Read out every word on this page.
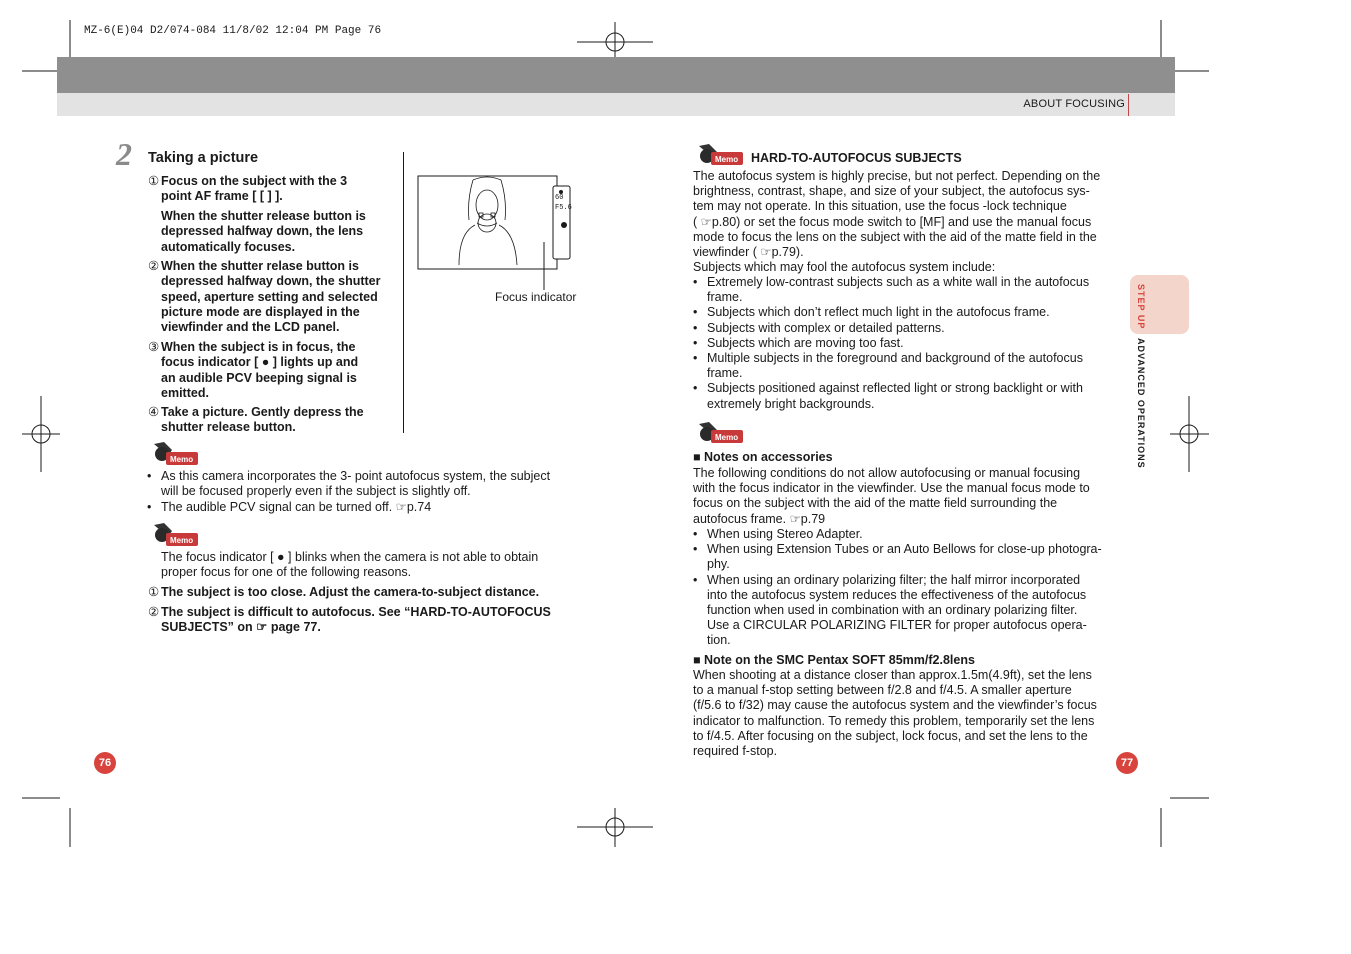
MZ-6(E)04 D2/074-084 11/8/02 12:04 PM Page 76
ABOUT FOCUSING
2 Taking a picture
① Focus on the subject with the 3
point AF frame [ [ ] ].
When the shutter release button is
depressed halfway down, the lens
automatically focuses.
② When the shutter relase button is
depressed halfway down, the shutter
speed, aperture setting and selected
picture mode are displayed in the
viewfinder and the LCD panel.
③ When the subject is in focus, the
focus indicator [ ● ] lights up and
an audible PCV beeping signal is
emitted.
④ Take a picture. Gently depress the
shutter release button.
60
F5.6
Focus indicator
Memo
• As this camera incorporates the 3- point autofocus system, the subject
will be focused properly even if the subject is slightly off.
• The audible PCV signal can be turned off. ☞p.74
Memo
The focus indicator [ ● ] blinks when the camera is not able to obtain
proper focus for one of the following reasons.
① The subject is too close. Adjust the camera-to-subject distance.
② The subject is difficult to autofocus. See “HARD-TO-AUTOFOCUS
SUBJECTS” on ☞ page 77.
76
Memo HARD-TO-AUTOFOCUS SUBJECTS
The autofocus system is highly precise, but not perfect. Depending on the
brightness, contrast, shape, and size of your subject, the autofocus sys-
tem may not operate. In this situation, use the focus -lock technique
( ☞p.80) or set the focus mode switch to [MF] and use the manual focus
mode to focus the lens on the subject with the aid of the matte field in the
viewfinder ( ☞p.79).
Subjects which may fool the autofocus system include:
• Extremely low-contrast subjects such as a white wall in the autofocus
frame.
• Subjects which don’t reflect much light in the autofocus frame.
• Subjects with complex or detailed patterns.
• Subjects which are moving too fast.
• Multiple subjects in the foreground and background of the autofocus
frame.
• Subjects positioned against reflected light or strong backlight or with
extremely bright backgrounds.
Memo
■ Notes on accessories
The following conditions do not allow autofocusing or manual focusing
with the focus indicator in the viewfinder. Use the manual focus mode to
focus on the subject with the aid of the matte field surrounding the
autofocus frame. ☞p.79
• When using Stereo Adapter.
• When using Extension Tubes or an Auto Bellows for close-up photogra-
phy.
• When using an ordinary polarizing filter; the half mirror incorporated
into the autofocus system reduces the effectiveness of the autofocus
function when used in combination with an ordinary polarizing filter.
Use a CIRCULAR POLARIZING FILTER for proper autofocus opera-
tion.
■ Note on the SMC Pentax SOFT 85mm/f2.8lens
When shooting at a distance closer than approx.1.5m(4.9ft), set the lens
to a manual f-stop setting between f/2.8 and f/4.5. A smaller aperture
(f/5.6 to f/32) may cause the autofocus system and the viewfinder’s focus
indicator to malfunction. To remedy this problem, temporarily set the lens
to f/4.5. After focusing on the subject, lock focus, and set the lens to the
required f-stop.
STEP UP
ADVANCED OPERATIONS
77
